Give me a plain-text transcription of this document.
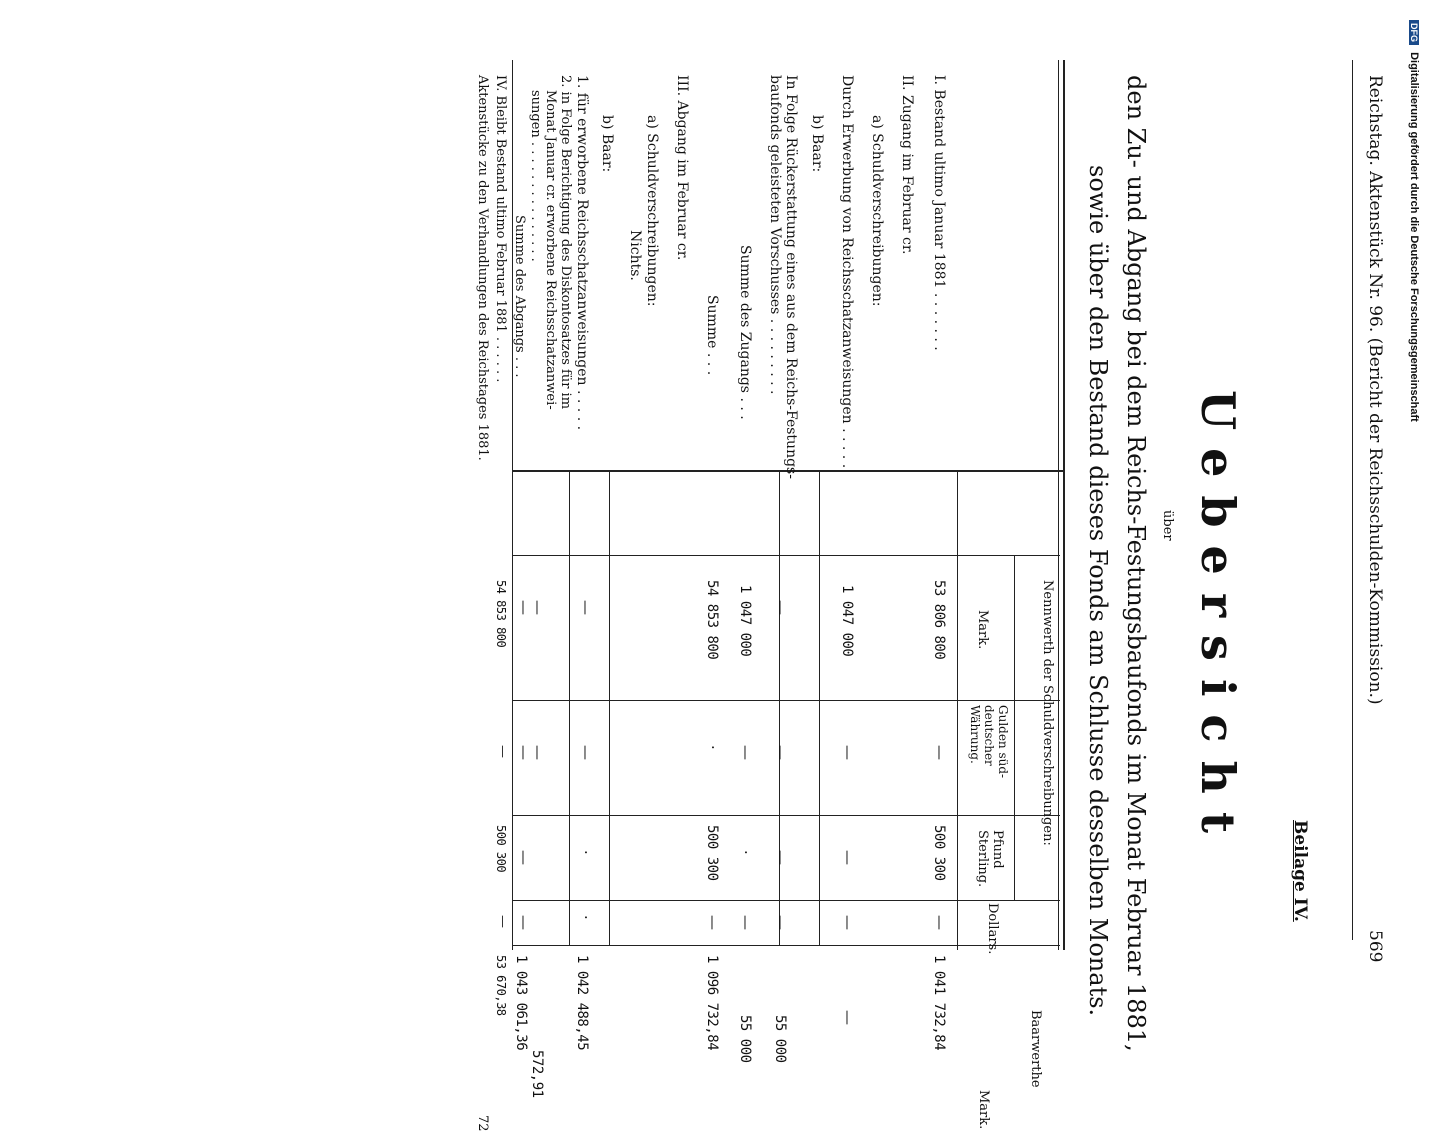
DFG Digitalisierung gefördert durch die Deutsche Forschungsgemeinschaft
Reichstag. Aktenstück Nr. 96. (Bericht der Reichsschulden-Kommission.)
569
Beilage IV.
Uebersicht
über
den Zu- und Abgang bei dem Reichs-Festungsbaufonds im Monat Februar 1881,
sowie über den Bestand dieses Fonds am Schlusse desselben Monats.
Nennwerth der Schuldverschreibungen:
Mark.
Gulden süd- deutscher Währung.
Pfund Sterling.
Dollars.
Baarwerthe
Mark.
I. Bestand ultimo Januar 1881 . . . . . . .
53 806 800
—
500 300
—
1 041 732,84
II. Zugang im Februar cr.
a) Schuldverschreibungen:
Durch Erwerbung von Reichsschatzanweisungen . . . . .
1 047 000
—
—
—
—
b) Baar:
In Folge Rückerstattung eines aus dem Reichs-Festungs-
baufonds geleisteten Vorschusses . . . . . . . . .
—
—
—
—
55 000
Summe des Zugangs . . .
1 047 000
—
·
—
55 000
Summe . . .
54 853 800
·
500 300
—
1 096 732,84
III. Abgang im Februar cr.
a) Schuldverschreibungen:
Nichts.
b) Baar:
1. für erworbene Reichsschatzanweisungen . . . . .
—
—
·
·
1 042 488,45
2. in Folge Berichtigung des Diskontosatzes für im
Monat Januar cr. erworbene Reichsschatzanwei-
sungen . . . . . . . . . . . . . . .
—
—
572,91
Summe des Abgangs . . .
—
—
—
—
1 043 061,36
IV. Bleibt Bestand ultimo Februar 1881 . . . . . .
54 853 800
—
500 300
—
53 670,38
Aktenstücke zu den Verhandlungen des Reichstages 1881.
72
